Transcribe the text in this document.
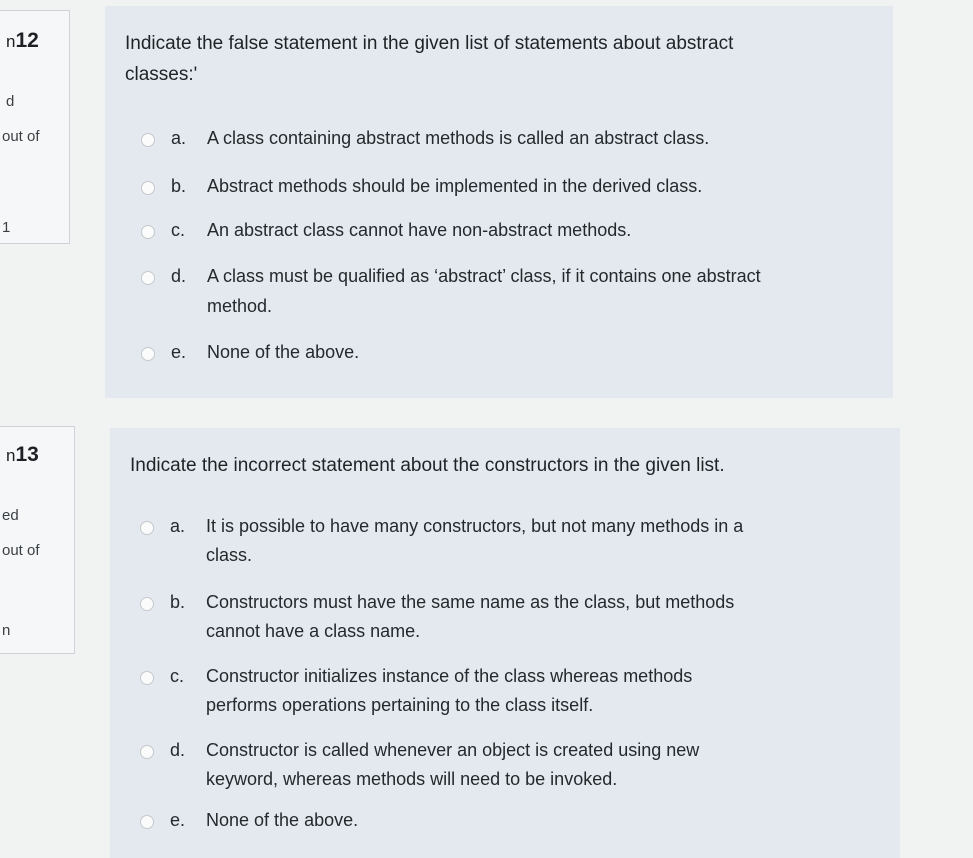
n12
d
out of
1
Indicate the false statement in the given list of statements about abstract
classes:'
a. A class containing abstract methods is called an abstract class.
b. Abstract methods should be implemented in the derived class.
c. An abstract class cannot have non-abstract methods.
d. A class must be qualified as ‘abstract’ class, if it contains one abstract
method.
e. None of the above.
n13
ed
out of
n
Indicate the incorrect statement about the constructors in the given list.
a. It is possible to have many constructors, but not many methods in a
class.
b. Constructors must have the same name as the class, but methods
cannot have a class name.
c. Constructor initializes instance of the class whereas methods
performs operations pertaining to the class itself.
d. Constructor is called whenever an object is created using new
keyword, whereas methods will need to be invoked.
e. None of the above.
